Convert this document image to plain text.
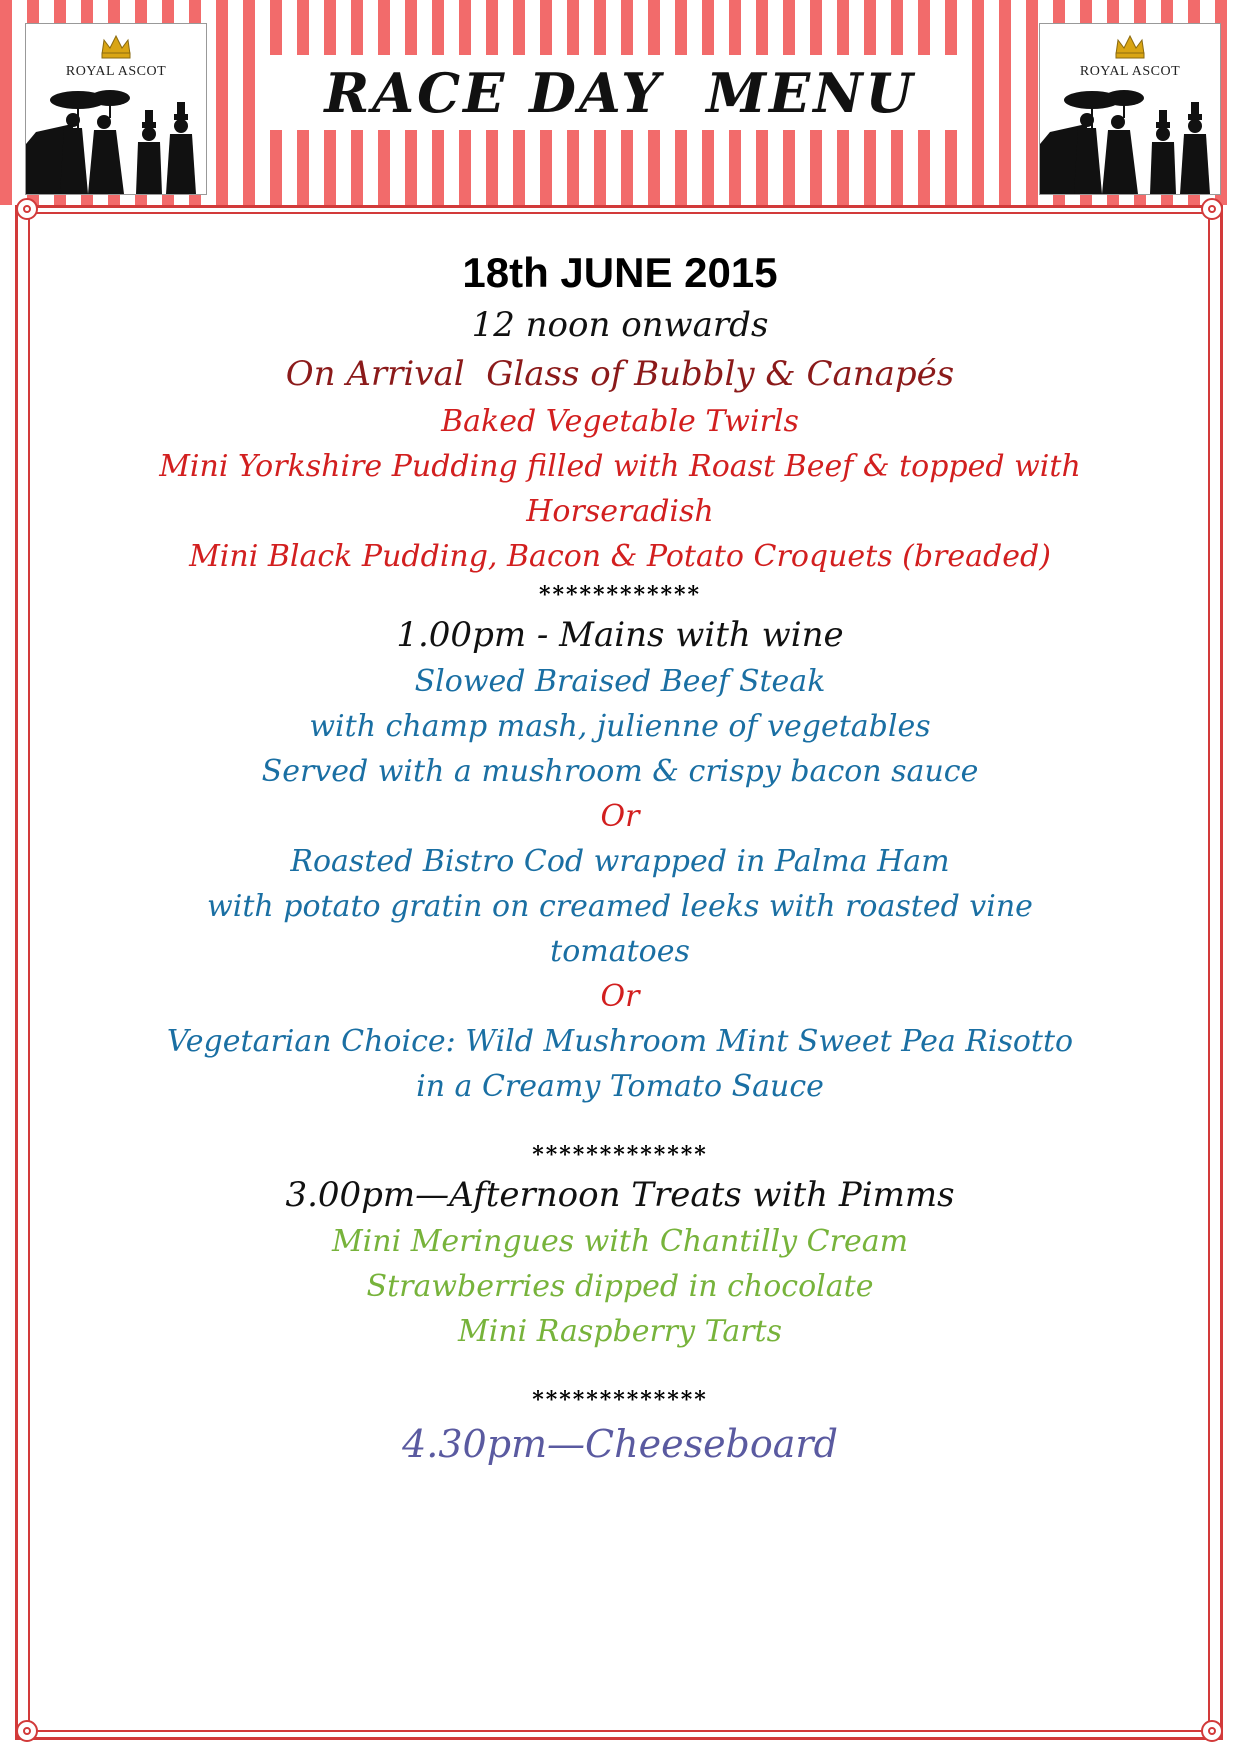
ROYAL ASCOT	ROYAL ASCOT
RACE DAY  MENU

18th JUNE 2015

12 noon onwards

On Arrival  Glass of Bubbly & Canapés

Baked Vegetable Twirls

Mini Yorkshire Pudding filled with Roast Beef & topped with

Horseradish

Mini Black Pudding, Bacon & Potato Croquets (breaded)

************

1.00pm - Mains with wine

Slowed Braised Beef Steak

with champ mash, julienne of vegetables

Served with a mushroom & crispy bacon sauce

Or

Roasted Bistro Cod wrapped in Palma Ham

with potato gratin on creamed leeks with roasted vine

tomatoes

Or

Vegetarian Choice: Wild Mushroom Mint Sweet Pea Risotto

in a Creamy Tomato Sauce

*************

3.00pm—Afternoon Treats with Pimms

Mini Meringues with Chantilly Cream

Strawberries dipped in chocolate

Mini Raspberry Tarts

*************

4.30pm—Cheeseboard
